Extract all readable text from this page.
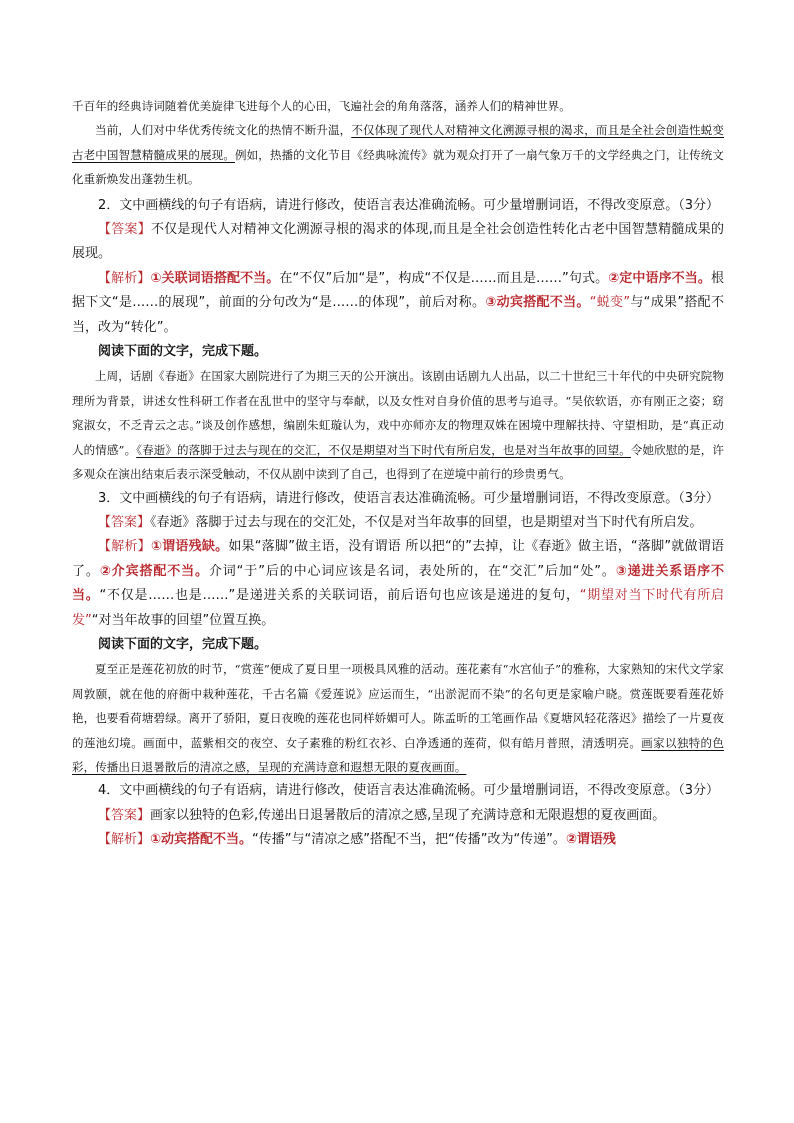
千百年的经典诗词随着优美旋律飞进每个人的心田，飞遍社会的角角落落，涵养人们的精神世界。
当前，人们对中华优秀传统文化的热情不断升温，不仅体现了现代人对精神文化溯源寻根的渴求，而且是全社会创造性蜕变古老中国智慧精髓成果的展现。例如，热播的文化节目《经典咏流传》就为观众打开了一扇气象万千的文学经典之门，让传统文化重新焕发出蓬勃生机。

2．文中画横线的句子有语病，请进行修改，使语言表达准确流畅。可少量增删词语，不得改变原意。（3分）

【答案】不仅是现代人对精神文化溯源寻根的渴求的体现,而且是全社会创造性转化古老中国智慧精髓成果的展现。

【解析】①关联词语搭配不当。在“不仅”后加“是”，构成“不仅是……而且是……”句式。②定中语序不当。根据下文“是……的展现”，前面的分句改为“是……的体现”，前后对称。③动宾搭配不当。“蜕变”与“成果”搭配不当，改为“转化”。

阅读下面的文字，完成下题。

上周，话剧《春逝》在国家大剧院进行了为期三天的公开演出。该剧由话剧九人出品，以二十世纪三十年代的中央研究院物理所为背景，讲述女性科研工作者在乱世中的坚守与奉献，以及女性对自身价值的思考与追寻。“吴依软语，亦有刚正之姿；窈窕淑女，不乏青云之志。”谈及创作感想，编剧朱虹璇认为，戏中亦师亦友的物理双姝在困境中理解扶持、守望相助，是“真正动人的情感”。《春逝》的落脚于过去与现在的交汇，不仅是期望对当下时代有所启发，也是对当年故事的回望。令她欣慰的是，许多观众在演出结束后表示深受触动，不仅从剧中读到了自己，也得到了在逆境中前行的珍贵勇气。

3．文中画横线的句子有语病，请进行修改，使语言表达准确流畅。可少量增删词语，不得改变原意。（3分）

【答案】《春逝》落脚于过去与现在的交汇处，不仅是对当年故事的回望，也是期望对当下时代有所启发。

【解析】①谓语残缺。如果“落脚”做主语，没有谓语 所以把“的”去掉，让《春逝》做主语，“落脚”就做谓语了。②介宾搭配不当。介词“于”后的中心词应该是名词，表处所的，在“交汇”后加“处”。③递进关系语序不当。“不仅是……也是……”是递进关系的关联词语，前后语句也应该是递进的复句，“期望对当下时代有所启发”“对当年故事的回望”位置互换。

阅读下面的文字，完成下题。

夏至正是莲花初放的时节，“赏莲”便成了夏日里一项极具风雅的活动。莲花素有“水宫仙子”的雅称，大家熟知的宋代文学家周敦颐，就在他的府衙中栽种莲花，千古名篇《爱莲说》应运而生，“出淤泥而不染”的名句更是家喻户晓。赏莲既要看莲花娇艳，也要看荷塘碧绿。离开了骄阳，夏日夜晚的莲花也同样娇媚可人。陈孟昕的工笔画作品《夏塘风轻花落迟》描绘了一片夏夜的莲池幻境。画面中，蓝紫相交的夜空、女子素雅的粉红衣衫、白净透通的莲荷，似有皓月普照，清透明亮。画家以独特的色彩，传播出日退暑散后的清凉之感，呈现的充满诗意和遐想无限的夏夜画面。

4．文中画横线的句子有语病，请进行修改，使语言表达准确流畅。可少量增删词语，不得改变原意。（3分）

【答案】画家以独特的色彩,传递出日退暑散后的清凉之感,呈现了充满诗意和无限遐想的夏夜画面。

【解析】①动宾搭配不当。“传播”与“清凉之感”搭配不当，把“传播”改为“传递”。②谓语残
